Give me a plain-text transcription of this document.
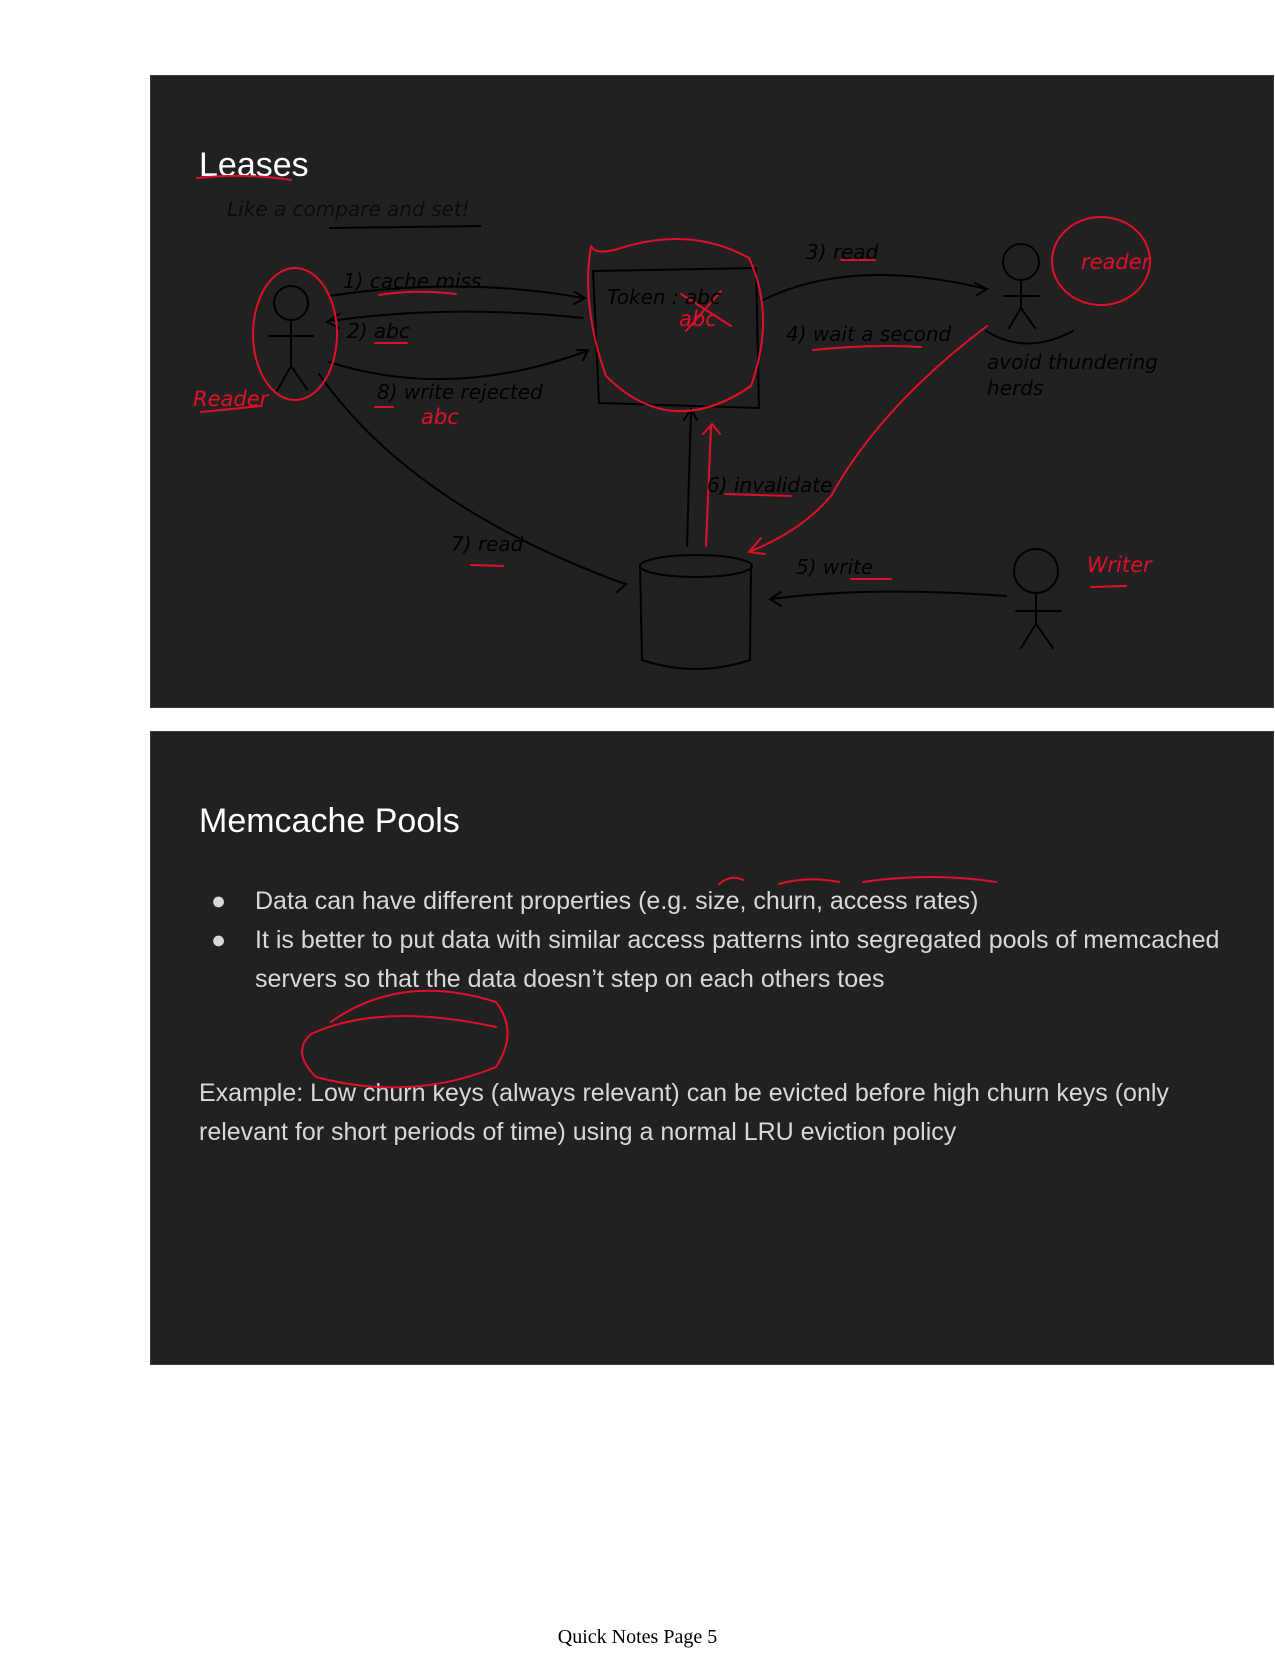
Leases
Like a compare and set!
1) cache miss
2) abc
8) write rejected
abc
Token : abc
abc
3) read
4) wait a second
avoid thundering
herds
6) invalidate
7) read
5) write
Reader
reader
Writer
Memcache Pools
● Data can have different properties (e.g. size, churn, access rates)
● It is better to put data with similar access patterns into segregated pools of memcached servers so that the data doesn’t step on each others toes

Example: Low churn keys (always relevant) can be evicted before high churn keys (only relevant for short periods of time) using a normal LRU eviction policy

Quick Notes Page 5
